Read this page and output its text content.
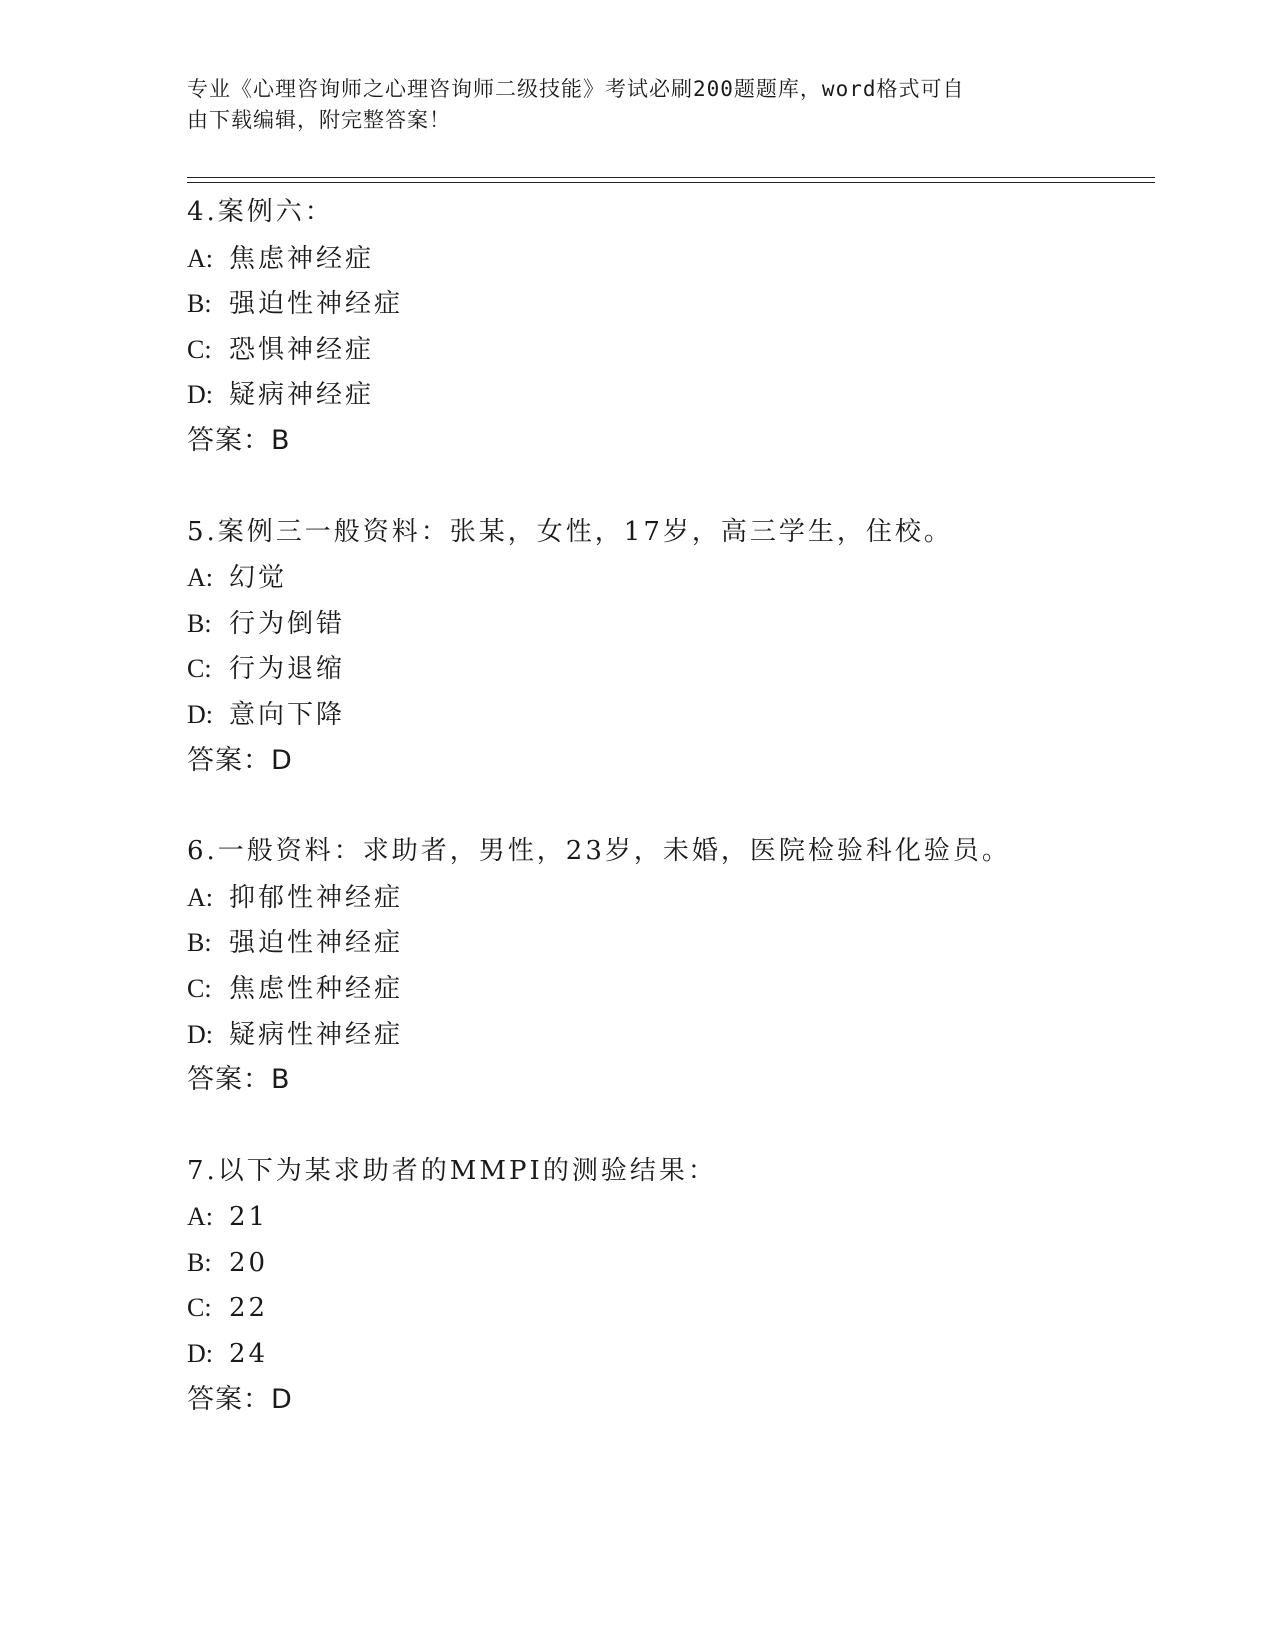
专业《心理咨询师之心理咨询师二级技能》考试必刷200题题库，word格式可自
由下载编辑，附完整答案！
4.案例六：
A: 焦虑神经症
B: 强迫性神经症
C: 恐惧神经症
D: 疑病神经症
答案：B
5.案例三一般资料：张某，女性，17岁，高三学生，住校。
A: 幻觉
B: 行为倒错
C: 行为退缩
D: 意向下降
答案：D
6.一般资料：求助者，男性，23岁，未婚，医院检验科化验员。
A: 抑郁性神经症
B: 强迫性神经症
C: 焦虑性种经症
D: 疑病性神经症
答案：B
7.以下为某求助者的MMPI的测验结果：
A: 21
B: 20
C: 22
D: 24
答案：D
